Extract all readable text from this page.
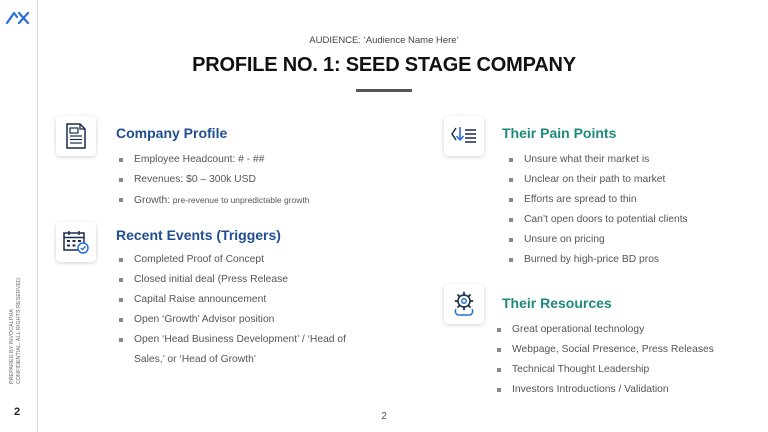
PREPARED BY INVOCALPHA CONFIDENTIAL. ALL RIGHTS RESERVED.
2
AUDIENCE: ‘Audience Name Here’
PROFILE NO. 1: SEED STAGE COMPANY
Company Profile
Employee Headcount: # - ##
Revenues: $0 – 300k USD
Growth: pre-revenue to unpredictable growth
Recent Events (Triggers)
Completed Proof of Concept
Closed initial deal (Press Release
Capital Raise announcement
Open ‘Growth’ Advisor position
Open ‘Head Business Development’ / ‘Head of Sales,’ or ‘Head of Growth’
Their Pain Points
Unsure what their market is
Unclear on their path to market
Efforts are spread to thin
Can’t open doors to potential clients
Unsure on pricing
Burned by high-price BD pros
Their Resources
Great operational technology
Webpage, Social Presence, Press Releases
Technical Thought Leadership
Investors Introductions / Validation
2
